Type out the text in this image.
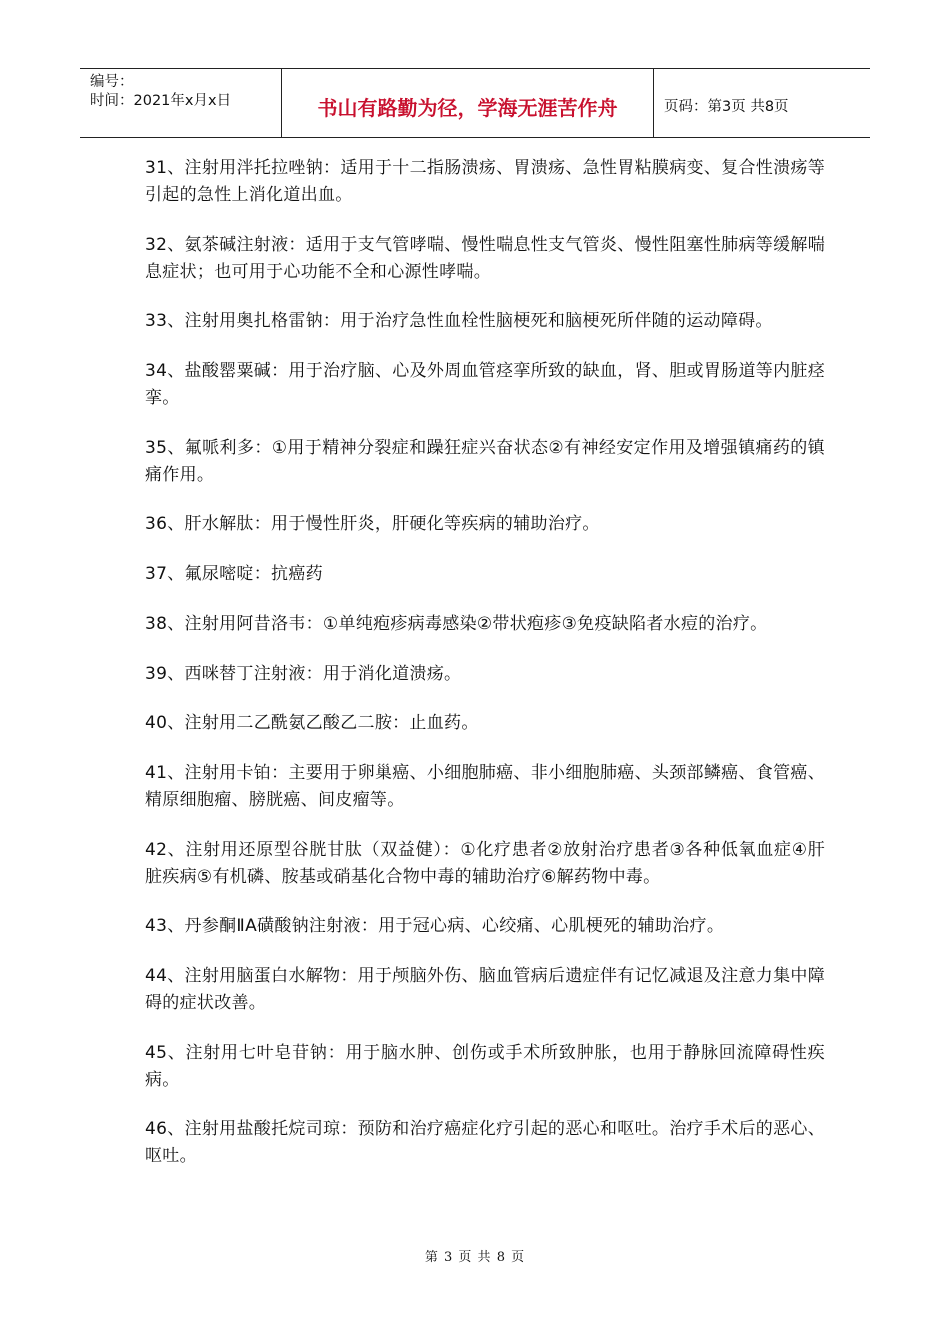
编号：
时间：2021年x月x日	书山有路勤为径，学海无涯苦作舟	页码：第3页 共8页
31、注射用泮托拉唑钠：适用于十二指肠溃疡、胃溃疡、急性胃粘膜病变、复合性溃疡等引起的急性上消化道出血。
32、氨茶碱注射液：适用于支气管哮喘、慢性喘息性支气管炎、慢性阻塞性肺病等缓解喘息症状；也可用于心功能不全和心源性哮喘。
33、注射用奥扎格雷钠：用于治疗急性血栓性脑梗死和脑梗死所伴随的运动障碍。
34、盐酸罂粟碱：用于治疗脑、心及外周血管痉挛所致的缺血，肾、胆或胃肠道等内脏痉挛。
35、氟哌利多：①用于精神分裂症和躁狂症兴奋状态②有神经安定作用及增强镇痛药的镇痛作用。
36、肝水解肽：用于慢性肝炎，肝硬化等疾病的辅助治疗。
37、氟尿嘧啶：抗癌药
38、注射用阿昔洛韦：①单纯疱疹病毒感染②带状疱疹③免疫缺陷者水痘的治疗。
39、西咪替丁注射液：用于消化道溃疡。
40、注射用二乙酰氨乙酸乙二胺：止血药。
41、注射用卡铂：主要用于卵巢癌、小细胞肺癌、非小细胞肺癌、头颈部鳞癌、食管癌、精原细胞瘤、膀胱癌、间皮瘤等。
42、注射用还原型谷胱甘肽（双益健）：①化疗患者②放射治疗患者③各种低氧血症④肝脏疾病⑤有机磷、胺基或硝基化合物中毒的辅助治疗⑥解药物中毒。
43、丹参酮ⅡA磺酸钠注射液：用于冠心病、心绞痛、心肌梗死的辅助治疗。
44、注射用脑蛋白水解物：用于颅脑外伤、脑血管病后遗症伴有记忆减退及注意力集中障碍的症状改善。
45、注射用七叶皂苷钠：用于脑水肿、创伤或手术所致肿胀，也用于静脉回流障碍性疾病。
46、注射用盐酸托烷司琼：预防和治疗癌症化疗引起的恶心和呕吐。治疗手术后的恶心、呕吐。
第 3 页 共 8 页
